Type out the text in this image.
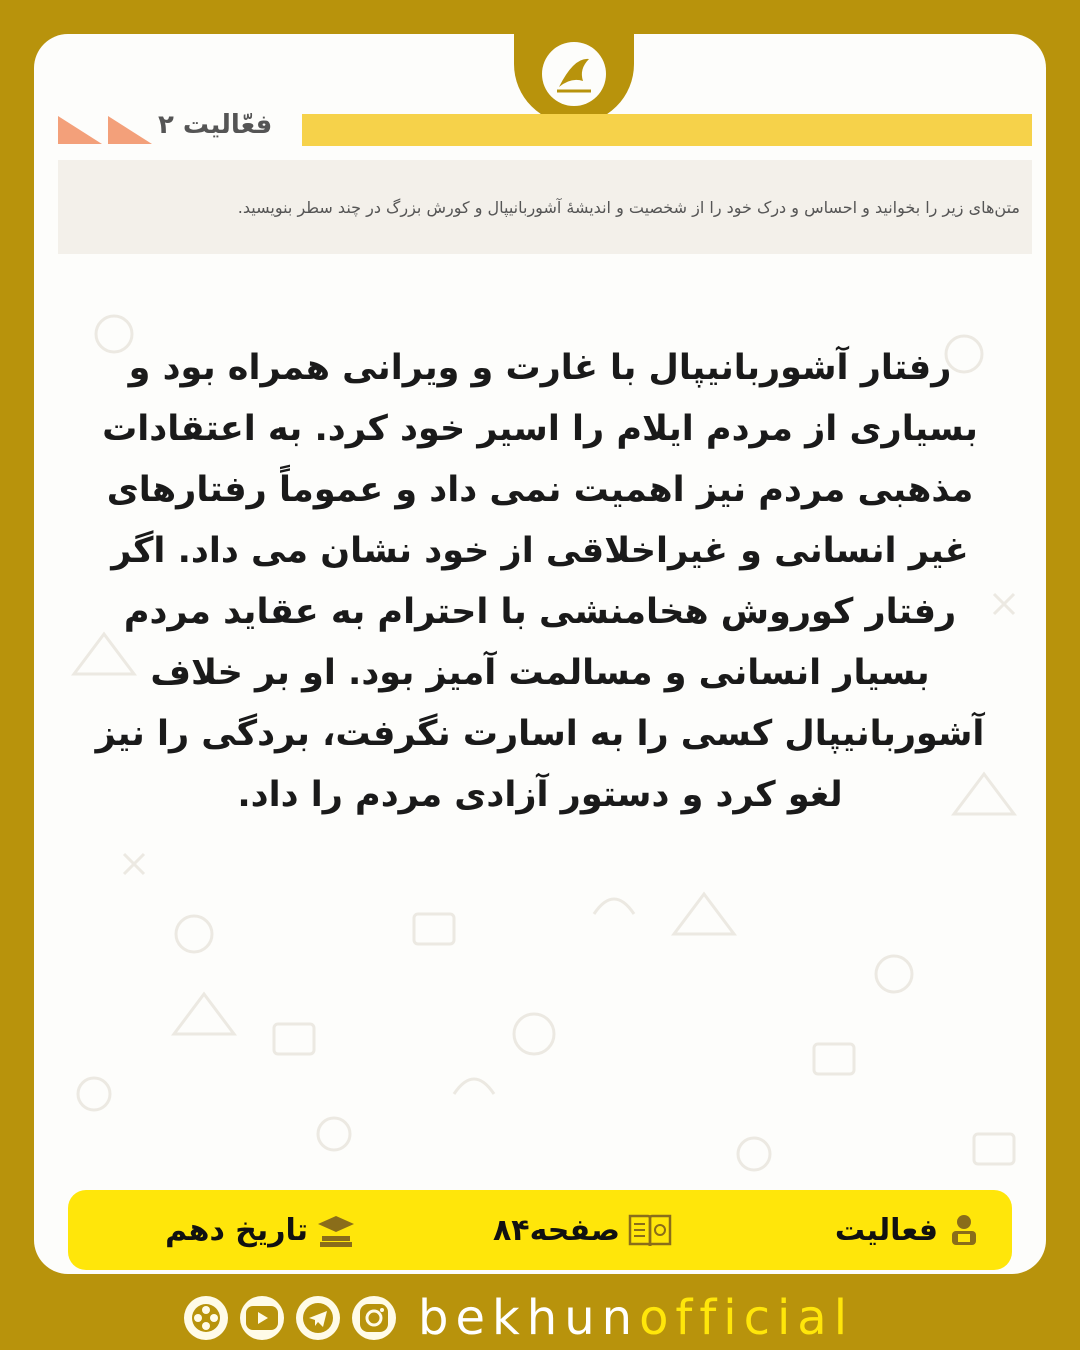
فعّالیت ۲
متن‌های زیر را بخوانید و احساس و درک خود را از شخصیت و اندیشهٔ آشوربانیپال و کورش بزرگ در چند سطر بنویسید.
رفتار آشوربانیپال با غارت و ویرانی همراه بود و
بسیاری از مردم ایلام را اسیر خود کرد. به اعتقادات
مذهبی مردم نیز اهمیت نمی داد و عموماً رفتارهای
غیر انسانی و غیراخلاقی از خود نشان می داد. اگر
رفتار کوروش هخامنشی با احترام به عقاید مردم
بسیار انسانی و مسالمت آمیز بود. او بر خلاف
آشوربانیپال کسی را به اسارت نگرفت، بردگی را نیز
لغو کرد و دستور آزادی مردم را داد.
فعالیت
صفحه۸۴
تاریخ دهم
bekhunofficial
